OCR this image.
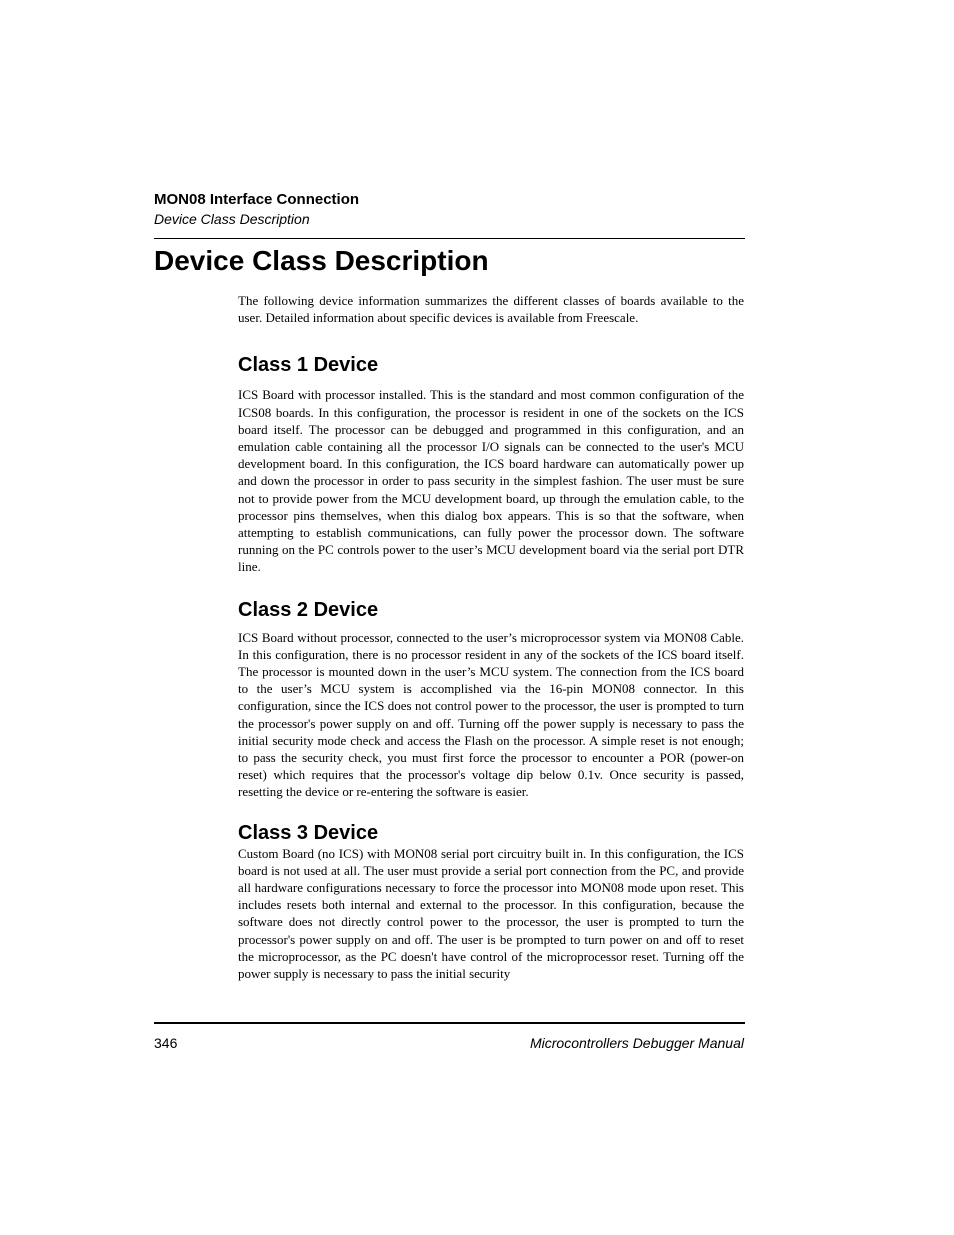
MON08 Interface Connection
Device Class Description
Device Class Description

The following device information summarizes the different classes of boards available to the user. Detailed information about specific devices is available from Freescale.

Class 1 Device

ICS Board with processor installed. This is the standard and most common configuration of the ICS08 boards. In this configuration, the processor is resident in one of the sockets on the ICS board itself. The processor can be debugged and programmed in this configuration, and an emulation cable containing all the processor I/O signals can be connected to the user's MCU development board. In this configuration, the ICS board hardware can automatically power up and down the processor in order to pass security in the simplest fashion. The user must be sure not to provide power from the MCU development board, up through the emulation cable, to the processor pins themselves, when this dialog box appears. This is so that the software, when attempting to establish communications, can fully power the processor down. The software running on the PC controls power to the user’s MCU development board via the serial port DTR line.

Class 2 Device

ICS Board without processor, connected to the user’s microprocessor system via MON08 Cable. In this configuration, there is no processor resident in any of the sockets of the ICS board itself. The processor is mounted down in the user’s MCU system. The connection from the ICS board to the user’s MCU system is accomplished via the 16-pin MON08 connector. In this configuration, since the ICS does not control power to the processor, the user is prompted to turn the processor's power supply on and off. Turning off the power supply is necessary to pass the initial security mode check and access the Flash on the processor. A simple reset is not enough; to pass the security check, you must first force the processor to encounter a POR (power-on reset) which requires that the processor's voltage dip below 0.1v. Once security is passed, resetting the device or re-entering the software is easier.

Class 3 Device

Custom Board (no ICS) with MON08 serial port circuitry built in. In this configuration, the ICS board is not used at all. The user must provide a serial port connection from the PC, and provide all hardware configurations necessary to force the processor into MON08 mode upon reset. This includes resets both internal and external to the processor. In this configuration, because the software does not directly control power to the processor, the user is prompted to turn the processor's power supply on and off. The user is be prompted to turn power on and off to reset the microprocessor, as the PC doesn't have control of the microprocessor reset. Turning off the power supply is necessary to pass the initial security

346	Microcontrollers Debugger Manual
